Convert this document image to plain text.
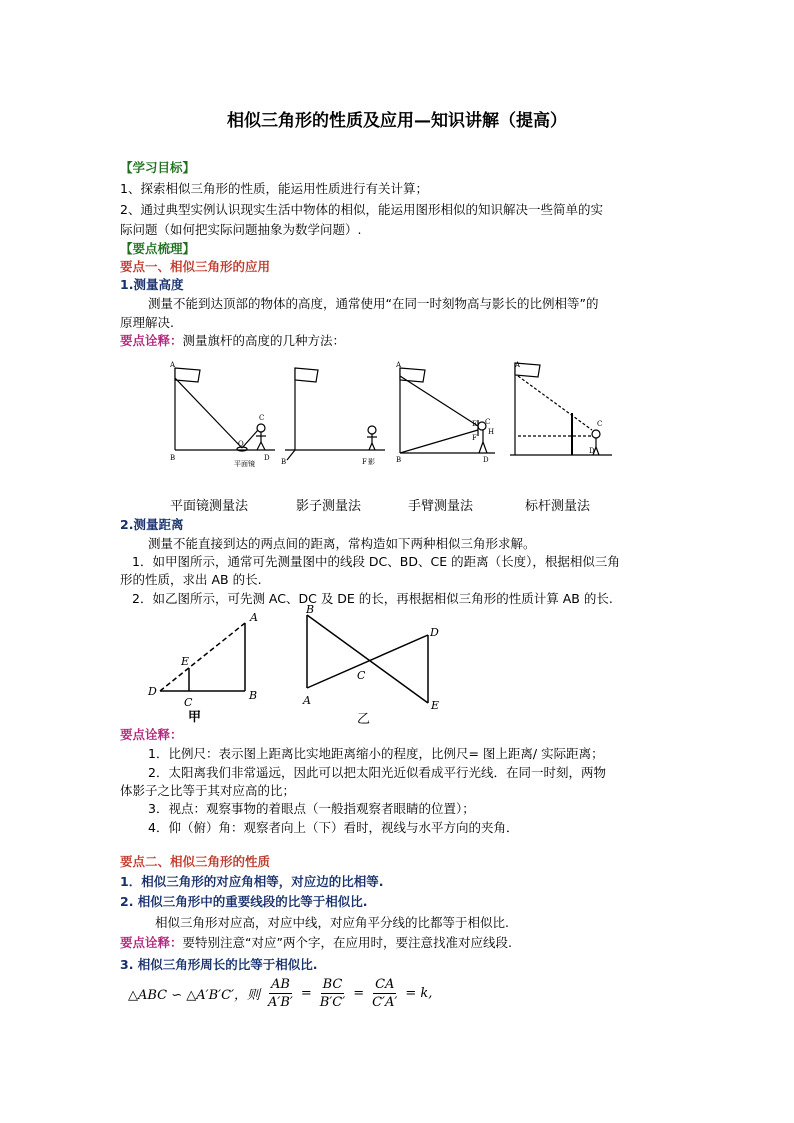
相似三角形的性质及应用—知识讲解（提高）
【学习目标】
1、探索相似三角形的性质，能运用性质进行有关计算；
2、通过典型实例认识现实生活中物体的相似，能运用图形相似的知识解决一些简单的实
际问题（如何把实际问题抽象为数学问题）.
【要点梳理】
要点一、相似三角形的应用
1.测量高度
测量不能到达顶部的物体的高度，通常使用“在同一时刻物高与影长的比例相等”的
原理解决.
要点诠释：测量旗杆的高度的几种方法：
A
B
C
D
O
平面镜	B	F 影
A
B
E
F
C
H
D
A
C
D
平面镜测量法	影子测量法	手臂测量法	标杆测量法
2.测量距离
测量不能直接到达的两点间的距离，常构造如下两种相似三角形求解。
1．如甲图所示，通常可先测量图中的线段 DC、BD、CE 的距离（长度），根据相似三角
形的性质，求出 AB 的长.
2．如乙图所示，可先测 AC、DC 及 DE 的长，再根据相似三角形的性质计算 AB 的长.
A
B
C
D
E
B
A
C
D
E
甲	乙
要点诠释：
1．比例尺：表示图上距离比实地距离缩小的程度，比例尺= 图上距离/ 实际距离；
2．太阳离我们非常遥远，因此可以把太阳光近似看成平行光线．在同一时刻，两物
体影子之比等于其对应高的比；
3．视点：观察事物的着眼点（一般指观察者眼睛的位置）；
4．仰（俯）角：观察者向上（下）看时，视线与水平方向的夹角．
要点二、相似三角形的性质
1．相似三角形的对应角相等，对应边的比相等.
2. 相似三角形中的重要线段的比等于相似比.
相似三角形对应高，对应中线，对应角平分线的比都等于相似比.
要点诠释：要特别注意“对应”两个字，在应用时，要注意找准对应线段.
3. 相似三角形周长的比等于相似比.
△ABC ∽ △A′B′C′，则 $\frac{AB}{A'B'} = \frac{BC}{B'C'} = \frac{CA}{C'A'} = k$,
